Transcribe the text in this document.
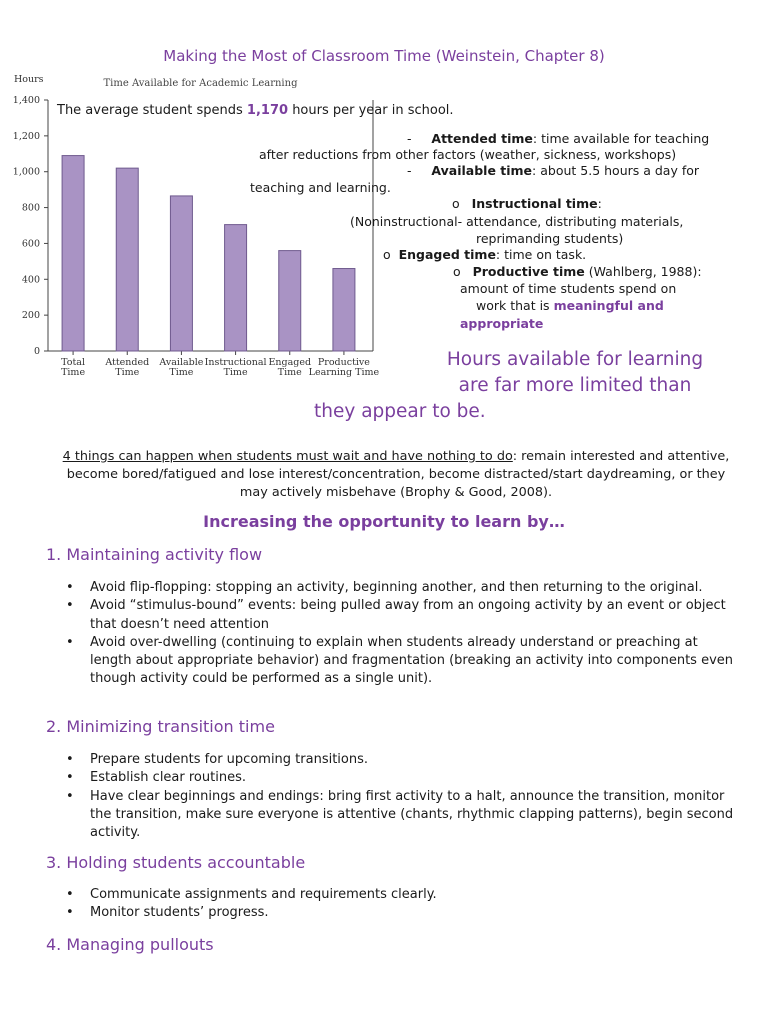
Making the Most of Classroom Time (Weinstein, Chapter 8)
Hours	Time Available for Academic Learning
0
200
400
600
800
1,000
1,200
1,400
Total
Time
Attended
Time
Available
Time
Instructional
Time
Engaged
Time
Productive
Learning Time
The average student spends 1,170 hours per year in school.
- Attended time: time available for teaching
after reductions from other factors (weather, sickness, workshops)
- Available time: about 5.5 hours a day for
teaching and learning.
o Instructional time:
(Noninstructional- attendance, distributing materials,
reprimanding students)
o Engaged time: time on task.
o Productive time (Wahlberg, 1988):
amount of time students spend on
work that is meaningful and
appropriate
Hours available for learning
are far more limited than
they appear to be.
4 things can happen when students must wait and have nothing to do: remain interested and attentive, become bored/fatigued and lose interest/concentration, become distracted/start daydreaming, or they may actively misbehave (Brophy & Good, 2008).
Increasing the opportunity to learn by…
1. Maintaining activity flow
• Avoid flip-flopping: stopping an activity, beginning another, and then returning to the original.
• Avoid “stimulus-bound” events: being pulled away from an ongoing activity by an event or object that doesn’t need attention
• Avoid over-dwelling (continuing to explain when students already understand or preaching at length about appropriate behavior) and fragmentation (breaking an activity into components even though activity could be performed as a single unit).
2. Minimizing transition time
• Prepare students for upcoming transitions.
• Establish clear routines.
• Have clear beginnings and endings: bring first activity to a halt, announce the transition, monitor the transition, make sure everyone is attentive (chants, rhythmic clapping patterns), begin second activity.
3. Holding students accountable
• Communicate assignments and requirements clearly.
• Monitor students’ progress.
4. Managing pullouts
